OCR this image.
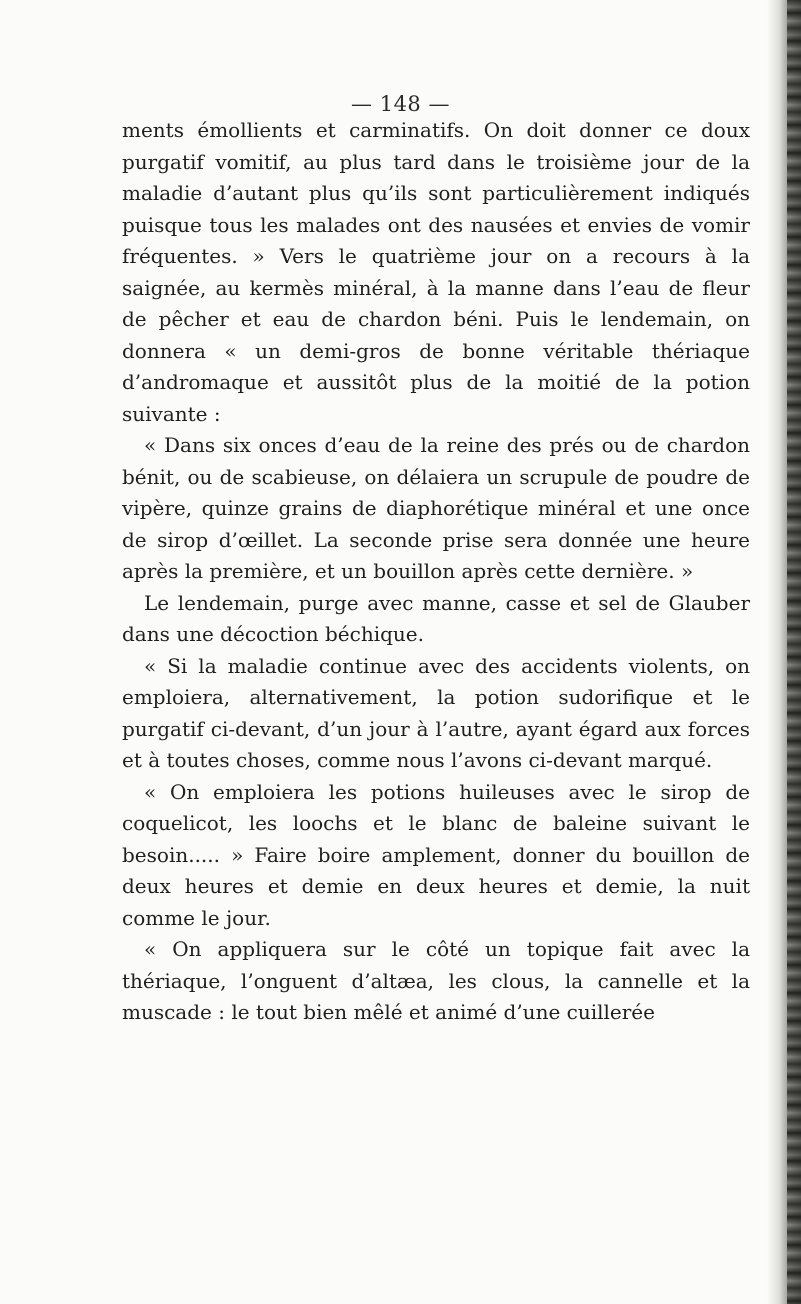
— 148 —

ments émollients et carminatifs. On doit donner ce doux purgatif vomitif, au plus tard dans le troisième jour de la maladie d’autant plus qu’ils sont particulièrement indiqués puisque tous les malades ont des nausées et envies de vomir fréquentes. » Vers le quatrième jour on a recours à la saignée, au kermès minéral, à la manne dans l’eau de fleur de pêcher et eau de chardon béni. Puis le lendemain, on donnera « un demi-gros de bonne véritable thériaque d’andromaque et aussitôt plus de la moitié de la potion suivante :

« Dans six onces d’eau de la reine des prés ou de chardon bénit, ou de scabieuse, on délaiera un scrupule de poudre de vipère, quinze grains de diaphorétique minéral et une once de sirop d’œillet. La seconde prise sera donnée une heure après la première, et un bouillon après cette dernière. »

Le lendemain, purge avec manne, casse et sel de Glauber dans une décoction béchique.

« Si la maladie continue avec des accidents violents, on emploiera, alternativement, la potion sudorifique et le purgatif ci-devant, d’un jour à l’autre, ayant égard aux forces et à toutes choses, comme nous l’avons ci-devant marqué.

« On emploiera les potions huileuses avec le sirop de coquelicot, les loochs et le blanc de baleine suivant le besoin..... » Faire boire amplement, donner du bouillon de deux heures et demie en deux heures et demie, la nuit comme le jour.

« On appliquera sur le côté un topique fait avec la thériaque, l’onguent d’altæa, les clous, la cannelle et la muscade : le tout bien mêlé et animé d’une cuillerée
